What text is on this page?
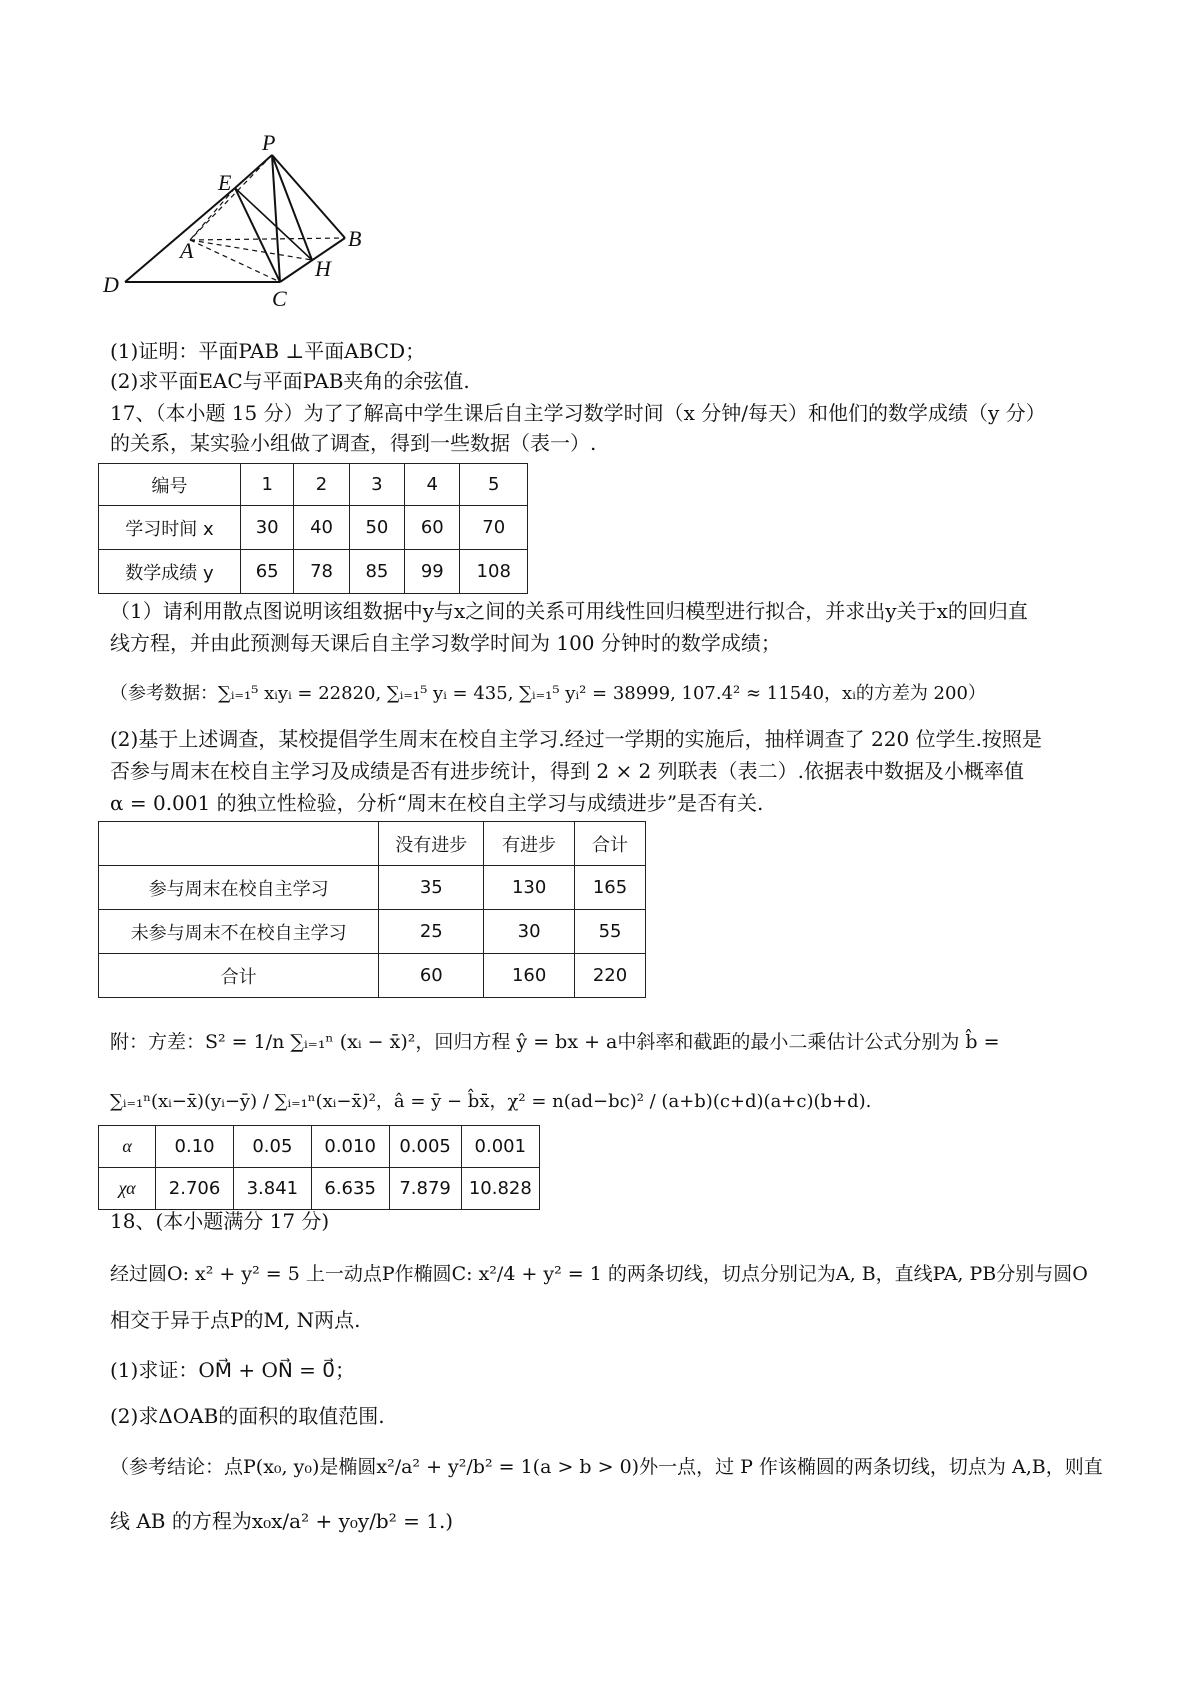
P
E
A	B
H
D
C
(1)证明：平面PAB ⊥平面ABCD；
(2)求平面EAC与平面PAB夹角的余弦值.
17、（本小题 15 分）为了了解高中学生课后自主学习数学时间（x 分钟/每天）和他们的数学成绩（y 分）
的关系，某实验小组做了调查，得到一些数据（表一）.
编号	1	2	3	4	5
学习时间 x	30	40	50	60	70
数学成绩 y	65	78	85	99	108
（1）请利用散点图说明该组数据中y与x之间的关系可用线性回归模型进行拟合，并求出y关于x的回归直
线方程，并由此预测每天课后自主学习数学时间为 100 分钟时的数学成绩；
（参考数据：∑ᵢ₌₁⁵ xᵢyᵢ = 22820, ∑ᵢ₌₁⁵ yᵢ = 435, ∑ᵢ₌₁⁵ yᵢ² = 38999, 107.4² ≈ 11540，xᵢ的方差为 200）
(2)基于上述调查，某校提倡学生周末在校自主学习.经过一学期的实施后，抽样调查了 220 位学生.按照是
否参与周末在校自主学习及成绩是否有进步统计，得到 2 × 2 列联表（表二）.依据表中数据及小概率值
α = 0.001 的独立性检验，分析“周末在校自主学习与成绩进步”是否有关.
	没有进步	有进步	合计
参与周末在校自主学习	35	130	165
未参与周末不在校自主学习	25	30	55
合计	60	160	220
附：方差：S² = 1/n ∑ᵢ₌₁ⁿ (xᵢ − x̄)²，回归方程 ŷ = bx + a中斜率和截距的最小二乘估计公式分别为 b̂ =
∑ᵢ₌₁ⁿ(xᵢ−x̄)(yᵢ−ȳ) / ∑ᵢ₌₁ⁿ(xᵢ−x̄)²，â = ȳ − b̂x̄，χ² = n(ad−bc)² / (a+b)(c+d)(a+c)(b+d).
α	0.10	0.05	0.010	0.005	0.001
χα	2.706	3.841	6.635	7.879	10.828
18、(本小题满分 17 分)
经过圆O: x² + y² = 5 上一动点P作椭圆C: x²/4 + y² = 1 的两条切线，切点分别记为A, B，直线PA, PB分别与圆O
相交于异于点P的M, N两点.
(1)求证：OM⃗ + ON⃗ = 0⃗；
(2)求ΔOAB的面积的取值范围.
（参考结论：点P(x₀, y₀)是椭圆x²/a² + y²/b² = 1(a > b > 0)外一点，过 P 作该椭圆的两条切线，切点为 A,B，则直
线 AB 的方程为x₀x/a² + y₀y/b² = 1.)
